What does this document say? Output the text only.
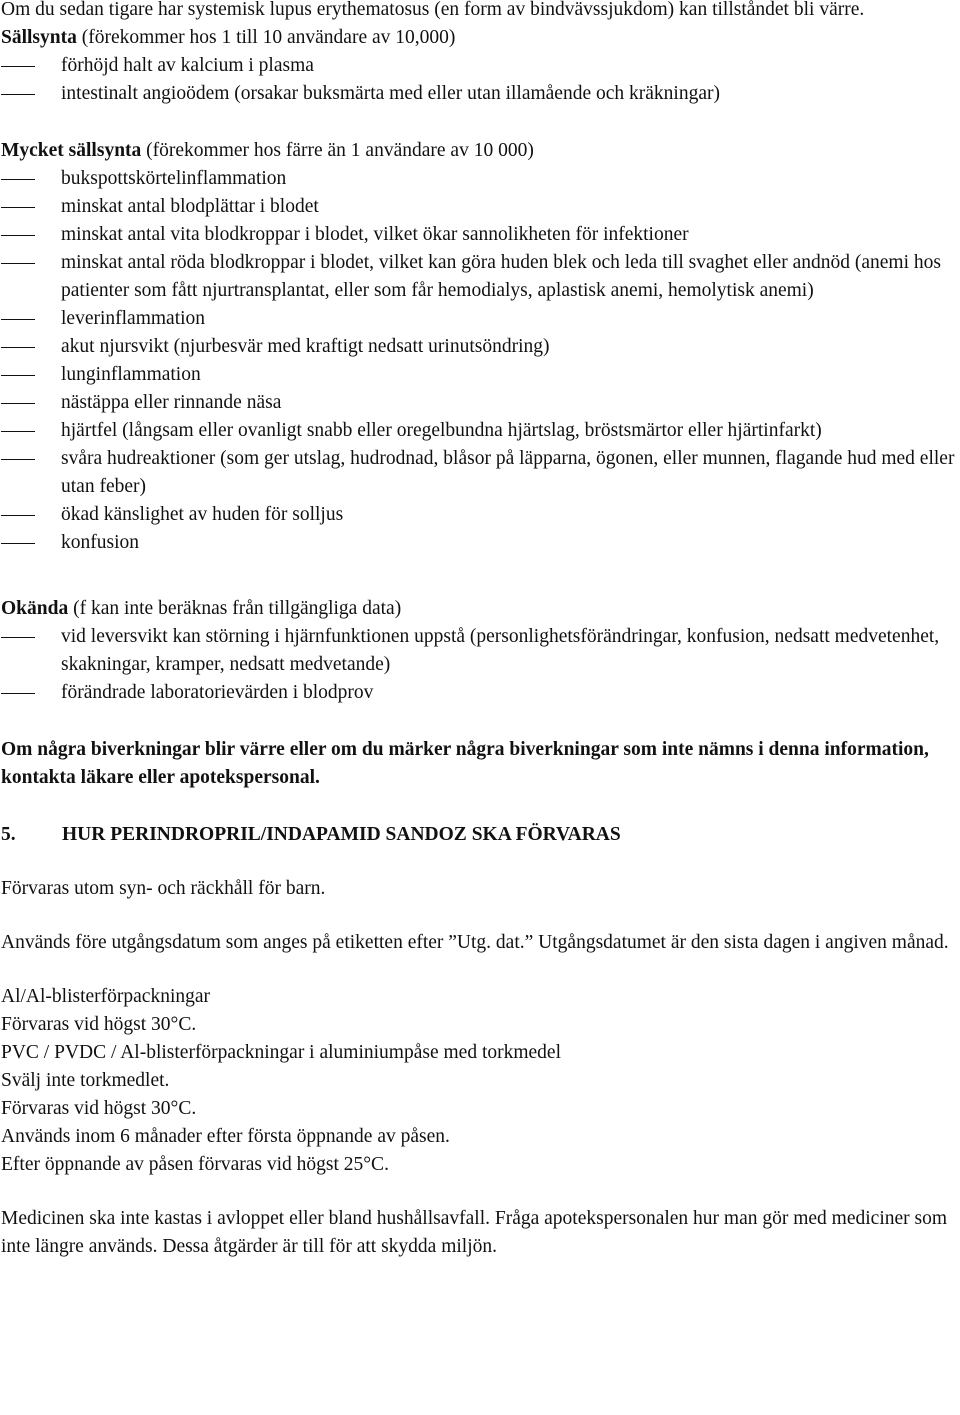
Om du sedan tigare har systemisk lupus erythematosus (en form av bindvävssjukdom) kan tillståndet bli värre.

Sällsynta (förekommer hos 1 till 10 användare av 10,000)

förhöjd halt av kalcium i plasma
intestinalt angioödem (orsakar buksmärta med eller utan illamående och kräkningar)

Mycket sällsynta (förekommer hos färre än 1 användare av 10 000)

bukspottskörtelinflammation
minskat antal blodplättar i blodet
minskat antal vita blodkroppar i blodet, vilket ökar sannolikheten för infektioner
minskat antal röda blodkroppar i blodet, vilket kan göra huden blek och leda till svaghet eller andnöd (anemi hos patienter som fått njurtransplantat, eller som får hemodialys, aplastisk anemi, hemolytisk anemi)
leverinflammation
akut njursvikt (njurbesvär med kraftigt nedsatt urinutsöndring)
lunginflammation
nästäppa eller rinnande näsa
hjärtfel (långsam eller ovanligt snabb eller oregelbundna hjärtslag, bröstsmärtor eller hjärtinfarkt)
svåra hudreaktioner (som ger utslag, hudrodnad, blåsor på läpparna, ögonen, eller munnen, flagande hud med eller utan feber)
ökad känslighet av huden för solljus
konfusion

Okända (f kan inte beräknas från tillgängliga data)

vid leversvikt kan störning i hjärnfunktionen uppstå (personlighetsförändringar, konfusion, nedsatt medvetenhet, skakningar, kramper, nedsatt medvetande)
förändrade laboratorievärden i blodprov

Om några biverkningar blir värre eller om du märker några biverkningar som inte nämns i denna information, kontakta läkare eller apotekspersonal.

5. HUR PERINDROPRIL/INDAPAMID SANDOZ SKA FÖRVARAS

Förvaras utom syn- och räckhåll för barn.

Används före utgångsdatum som anges på etiketten efter ”Utg. dat.” Utgångsdatumet är den sista dagen i angiven månad.

Al/Al-blisterförpackningar

Förvaras vid högst 30°C.

PVC / PVDC / Al-blisterförpackningar i aluminiumpåse med torkmedel

Svälj inte torkmedlet.

Förvaras vid högst 30°C.

Används inom 6 månader efter första öppnande av påsen.

Efter öppnande av påsen förvaras vid högst 25°C.

Medicinen ska inte kastas i avloppet eller bland hushållsavfall. Fråga apotekspersonalen hur man gör med mediciner som inte längre används. Dessa åtgärder är till för att skydda miljön.
